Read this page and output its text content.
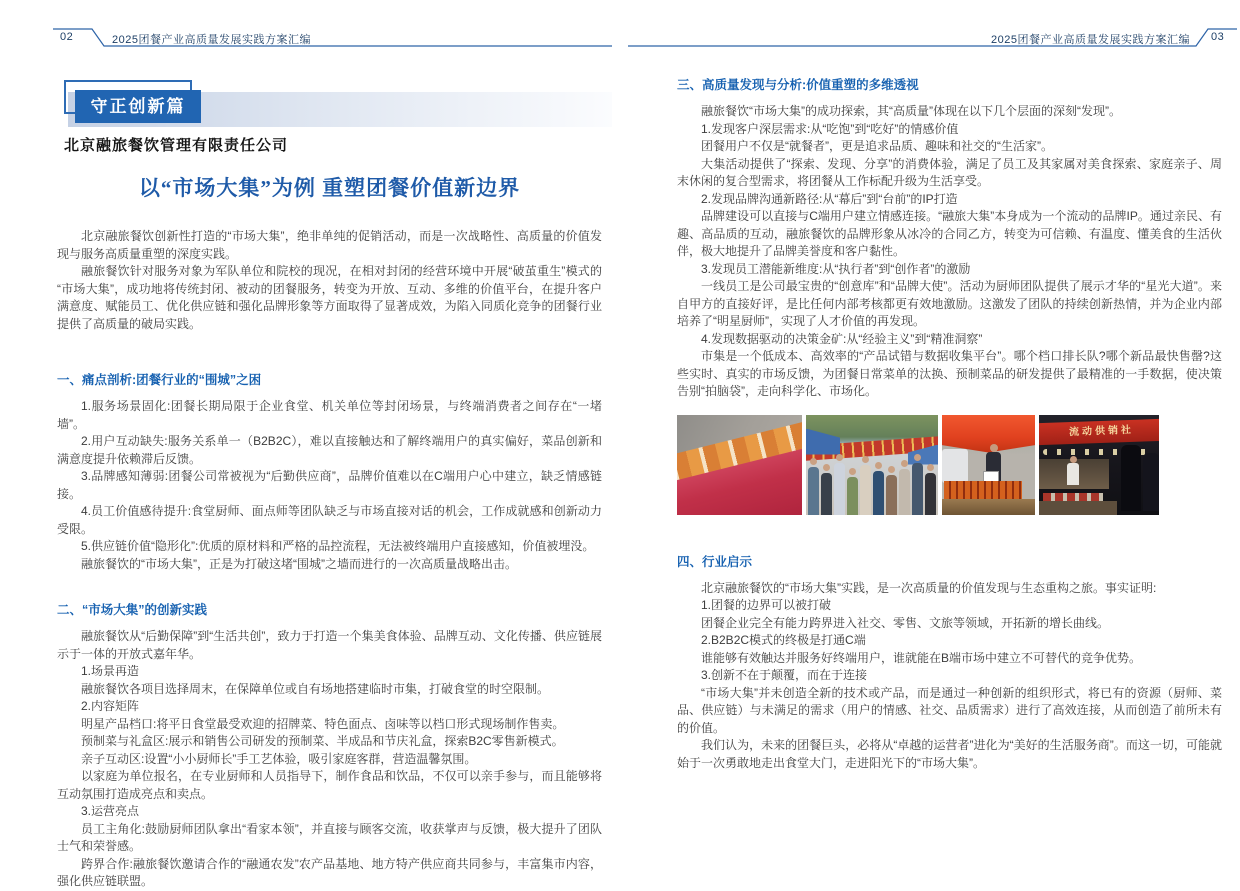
02	2025团餐产业高质量发展实践方案汇编	2025团餐产业高质量发展实践方案汇编 03
守正创新篇
北京融旅餐饮管理有限责任公司
以“市场大集”为例 重塑团餐价值新边界

北京融旅餐饮创新性打造的“市场大集”，绝非单纯的促销活动，而是一次战略性、高质量的价值发现与服务高质量重塑的深度实践。

融旅餐饮针对服务对象为军队单位和院校的现况，在相对封闭的经营环境中开展“破茧重生”模式的“市场大集”，成功地将传统封闭、被动的团餐服务，转变为开放、互动、多维的价值平台，在提升客户满意度、赋能员工、优化供应链和强化品牌形象等方面取得了显著成效，为陷入同质化竞争的团餐行业提供了高质量的破局实践。

一、痛点剖析:团餐行业的“围城”之困

1.服务场景固化:团餐长期局限于企业食堂、机关单位等封闭场景，与终端消费者之间存在“一堵墙”。

2.用户互动缺失:服务关系单一（B2B2C），难以直接触达和了解终端用户的真实偏好，菜品创新和满意度提升依赖滞后反馈。

3.品牌感知薄弱:团餐公司常被视为“后勤供应商”，品牌价值难以在C端用户心中建立，缺乏情感链接。

4.员工价值感待提升:食堂厨师、面点师等团队缺乏与市场直接对话的机会，工作成就感和创新动力受限。

5.供应链价值“隐形化”:优质的原材料和严格的品控流程，无法被终端用户直接感知，价值被埋没。

融旅餐饮的“市场大集”，正是为打破这堵“围城”之墙而进行的一次高质量战略出击。

二、“市场大集”的创新实践

融旅餐饮从“后勤保障”到“生活共创”，致力于打造一个集美食体验、品牌互动、文化传播、供应链展示于一体的开放式嘉年华。

1.场景再造

融旅餐饮各项目选择周末，在保障单位或自有场地搭建临时市集，打破食堂的时空限制。

2.内容矩阵

明星产品档口:将平日食堂最受欢迎的招牌菜、特色面点、卤味等以档口形式现场制作售卖。

预制菜与礼盒区:展示和销售公司研发的预制菜、半成品和节庆礼盒，探索B2C零售新模式。

亲子互动区:设置“小小厨师长”手工艺体验，吸引家庭客群，营造温馨氛围。

以家庭为单位报名，在专业厨师和人员指导下，制作食品和饮品，不仅可以亲手参与，而且能够将互动氛围打造成亮点和卖点。

3.运营亮点

员工主角化:鼓励厨师团队拿出“看家本领”，并直接与顾客交流，收获掌声与反馈，极大提升了团队士气和荣誉感。

跨界合作:融旅餐饮邀请合作的“融通农发”农产品基地、地方特产供应商共同参与，丰富集市内容，强化供应链联盟。

三、高质量发现与分析:价值重塑的多维透视

融旅餐饮“市场大集”的成功探索，其“高质量”体现在以下几个层面的深刻“发现”。

1.发现客户深层需求:从“吃饱”到“吃好”的情感价值

团餐用户不仅是“就餐者”，更是追求品质、趣味和社交的“生活家”。

大集活动提供了“探索、发现、分享”的消费体验，满足了员工及其家属对美食探索、家庭亲子、周末休闲的复合型需求，将团餐从工作标配升级为生活享受。

2.发现品牌沟通新路径:从“幕后”到“台前”的IP打造

品牌建设可以直接与C端用户建立情感连接。“融旅大集”本身成为一个流动的品牌IP。通过亲民、有趣、高品质的互动，融旅餐饮的品牌形象从冰冷的合同乙方，转变为可信赖、有温度、懂美食的生活伙伴，极大地提升了品牌美誉度和客户黏性。

3.发现员工潜能新维度:从“执行者”到“创作者”的激励

一线员工是公司最宝贵的“创意库”和“品牌大使”。活动为厨师团队提供了展示才华的“星光大道”。来自甲方的直接好评，是比任何内部考核都更有效地激励。这激发了团队的持续创新热情，并为企业内部培养了“明星厨师”，实现了人才价值的再发现。

4.发现数据驱动的决策金矿:从“经验主义”到“精准洞察”

市集是一个低成本、高效率的“产品试错与数据收集平台”。哪个档口排长队?哪个新品最快售罄?这些实时、真实的市场反馈，为团餐日常菜单的汰换、预制菜品的研发提供了最精准的一手数据，使决策告别“拍脑袋”，走向科学化、市场化。

流动供销社
四、行业启示

北京融旅餐饮的“市场大集”实践，是一次高质量的价值发现与生态重构之旅。事实证明:

1.团餐的边界可以被打破

团餐企业完全有能力跨界进入社交、零售、文旅等领域，开拓新的增长曲线。

2.B2B2C模式的终极是打通C端

谁能够有效触达并服务好终端用户，谁就能在B端市场中建立不可替代的竞争优势。

3.创新不在于颠覆，而在于连接

“市场大集”并未创造全新的技术或产品，而是通过一种创新的组织形式，将已有的资源（厨师、菜品、供应链）与未满足的需求（用户的情感、社交、品质需求）进行了高效连接，从而创造了前所未有的价值。

我们认为，未来的团餐巨头，必将从“卓越的运营者”进化为“美好的生活服务商”。而这一切，可能就始于一次勇敢地走出食堂大门，走进阳光下的“市场大集”。
